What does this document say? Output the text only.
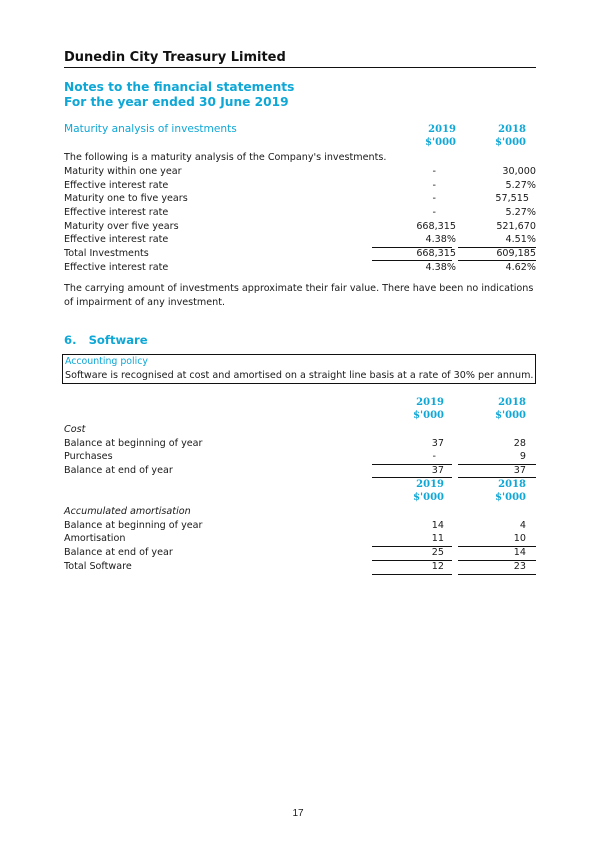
Dunedin City Treasury Limited
Notes to the financial statements
For the year ended 30 June 2019
Maturity analysis of investments	2019	2018
$'000	$'000
The following is a maturity analysis of the Company's investments.
Maturity within one year	-	30,000
Effective interest rate	-	5.27%
Maturity one to five years	-	57,515
Effective interest rate	-	5.27%
Maturity over five years	668,315	521,670
Effective interest rate	4.38%	4.51%
Total Investments	668,315	609,185
Effective interest rate	4.38%	4.62%
The carrying amount of investments approximate their fair value. There have been no indications
of impairment of any investment.
6.   Software
Accounting policy
Software is recognised at cost and amortised on a straight line basis at a rate of 30% per annum.
2019	2018
$'000	$'000
Cost
Balance at beginning of year	37	28
Purchases	-	9
Balance at end of year	37	37
2019	2018
$'000	$'000
Accumulated amortisation
Balance at beginning of year	14	4
Amortisation	11	10
Balance at end of year	25	14
Total Software	12	23
17
